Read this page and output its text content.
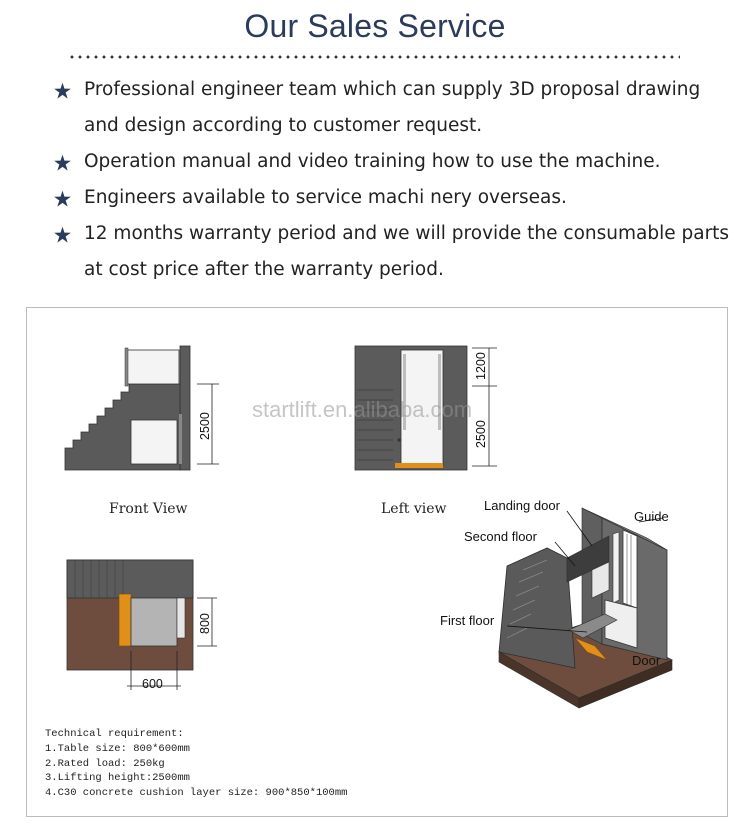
Our Sales Service
Professional engineer team which can supply 3D proposal drawing and design according to customer request.
Operation manual and video training how to use the machine.
Engineers available to service machi nery overseas.
12 months warranty period and we will provide the consumable parts at cost price after the warranty period.
2500
Front View
1200
2500
Left view
800
600
Landing door
Guide
Second floor
First floor
Door
startlift.en.alibaba.com
Technical requirement:
1.Table size: 800*600mm
2.Rated load: 250kg
3.Lifting height:2500mm
4.C30 concrete cushion layer size: 900*850*100mm
